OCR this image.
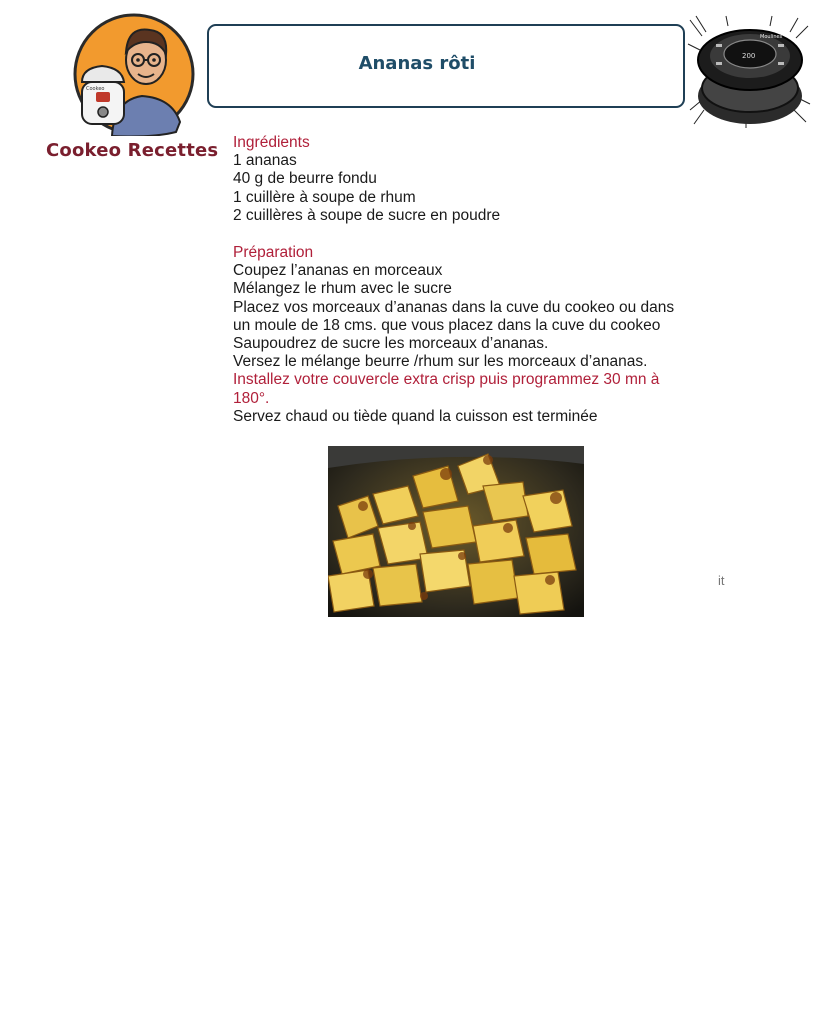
Cookeo
Cookeo Recettes
Ananas rôti	200
Moulinex
Ingrédients
1 ananas
40 g de beurre fondu
1 cuillère à soupe de rhum
2 cuillères à soupe de sucre en poudre
Préparation
Coupez l’ananas en morceaux
Mélangez le rhum avec le sucre
Placez vos morceaux d’ananas dans la cuve du cookeo ou dans
un moule de 18 cms. que vous placez dans la cuve du cookeo
Saupoudrez de sucre les morceaux d’ananas.
Versez le mélange beurre /rhum sur les morceaux d’ananas.
Installez votre couvercle extra crisp puis programmez 30 mn à
180°.
Servez chaud ou tiède quand la cuisson est terminée
it
